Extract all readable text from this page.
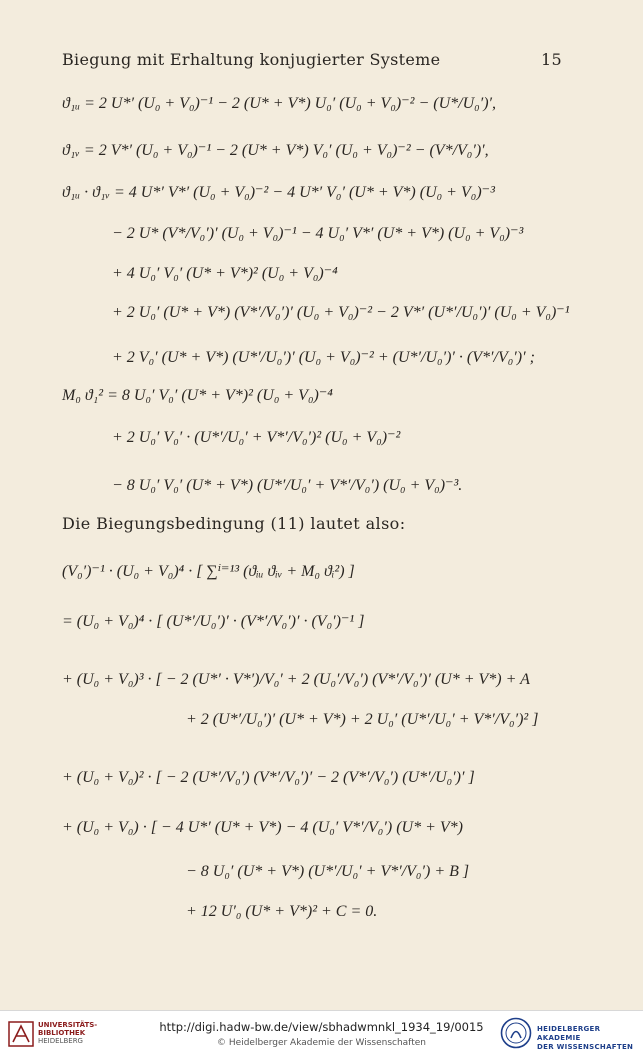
Biegung mit Erhaltung konjugierter Systeme	15
ϑ₁ᵤ = 2 U*′ (U₀ + V₀)⁻¹ − 2 (U* + V*) U₀′ (U₀ + V₀)⁻² − (U*/U₀′)′,
ϑ₁ᵥ = 2 V*′ (U₀ + V₀)⁻¹ − 2 (U* + V*) V₀′ (U₀ + V₀)⁻² − (V*/V₀′)′,
ϑ₁ᵤ · ϑ₁ᵥ = 4 U*′ V*′ (U₀ + V₀)⁻² − 4 U*′ V₀′ (U* + V*) (U₀ + V₀)⁻³
− 2 U* (V*/V₀′)′ (U₀ + V₀)⁻¹ − 4 U₀′ V*′ (U* + V*) (U₀ + V₀)⁻³
+ 4 U₀′ V₀′ (U* + V*)² (U₀ + V₀)⁻⁴
+ 2 U₀′ (U* + V*) (V*′/V₀′)′ (U₀ + V₀)⁻² − 2 V*′ (U*′/U₀′)′ (U₀ + V₀)⁻¹
+ 2 V₀′ (U* + V*) (U*′/U₀′)′ (U₀ + V₀)⁻² + (U*′/U₀′)′ · (V*′/V₀′)′ ;
M₀ ϑ₁² = 8 U₀′ V₀′ (U* + V*)² (U₀ + V₀)⁻⁴
+ 2 U₀′ V₀′ · (U*′/U₀′ + V*′/V₀′)² (U₀ + V₀)⁻²
− 8 U₀′ V₀′ (U* + V*) (U*′/U₀′ + V*′/V₀′) (U₀ + V₀)⁻³.
Die Biegungsbedingung (11) lautet also:
(V₀′)⁻¹ · (U₀ + V₀)⁴ · [ ∑ⁱ⁼¹³ (ϑᵢᵤ ϑᵢᵥ + M₀ ϑᵢ²) ]
= (U₀ + V₀)⁴ · [ (U*′/U₀′)′ · (V*′/V₀′)′ · (V₀′)⁻¹ ]
+ (U₀ + V₀)³ · [ − 2 (U*′ · V*′)/V₀′ + 2 (U₀′/V₀′) (V*′/V₀′)′ (U* + V*) + A
+ 2 (U*′/U₀′)′ (U* + V*) + 2 U₀′ (U*′/U₀′ + V*′/V₀′)² ]
+ (U₀ + V₀)² · [ − 2 (U*′/V₀′) (V*′/V₀′)′ − 2 (V*′/V₀′) (U*′/U₀′)′ ]
+ (U₀ + V₀) · [ − 4 U*′ (U* + V*) − 4 (U₀′ V*′/V₀′) (U* + V*)
− 8 U₀′ (U* + V*) (U*′/U₀′ + V*′/V₀′) + B ]
+ 12 U′₀ (U* + V*)² + C = 0.
UNIVERSITÄTS-
BIBLIOTHEK
HEIDELBERG
http://digi.hadw-bw.de/view/sbhadwmnkl_1934_19/0015
© Heidelberger Akademie der Wissenschaften
HEIDELBERGER AKADEMIE
DER WISSENSCHAFTEN
